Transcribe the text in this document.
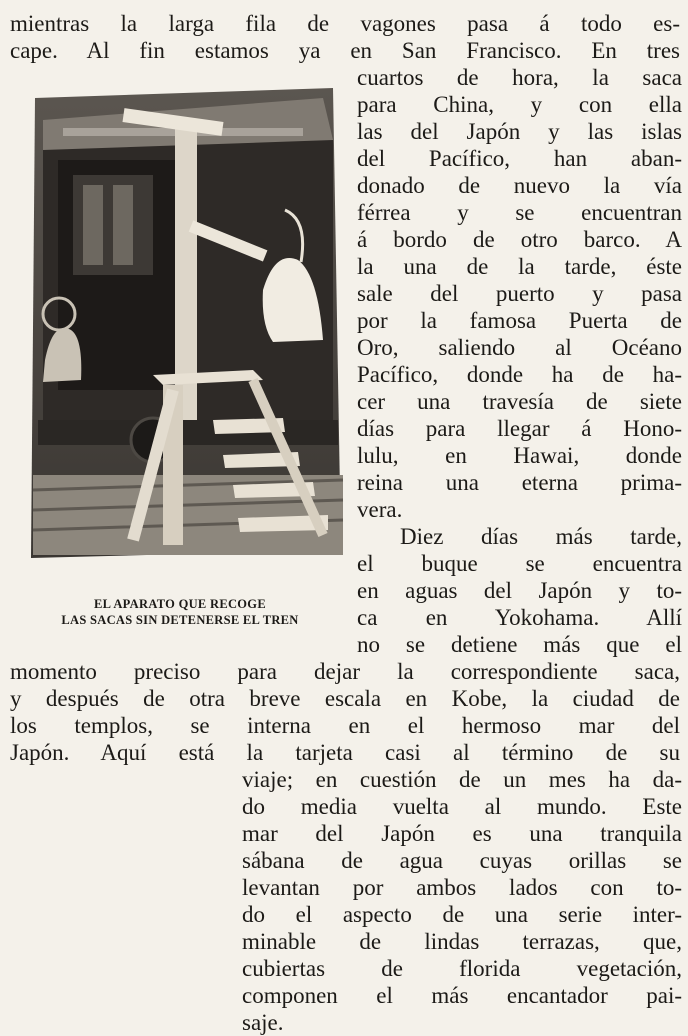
mientras la larga fila de vagones pasa á todo es-
cape. Al fin estamos ya en San Francisco. En tres
cuartos de hora, la saca
para China, y con ella
las del Japón y las islas
del Pacífico, han aban-
donado de nuevo la vía
férrea y se encuentran
á bordo de otro barco. A
la una de la tarde, éste
sale del puerto y pasa
por la famosa Puerta de
Oro, saliendo al Océano
Pacífico, donde ha de ha-
cer una travesía de siete
días para llegar á Hono-
lulu, en Hawai, donde
reina una eterna prima-
vera.
Diez días más tarde,
el buque se encuentra
en aguas del Japón y to-
ca en Yokohama. Allí
no se detiene más que el
EL APARATO QUE RECOGE
LAS SACAS SIN DETENERSE EL TREN
momento preciso para dejar la correspondiente saca,
y después de otra breve escala en Kobe, la ciudad de
los templos, se interna en el hermoso mar del
Japón. Aquí está la tarjeta casi al término de su
viaje; en cuestión de un mes ha da-
do media vuelta al mundo. Este
mar del Japón es una tranquila
sábana de agua cuyas orillas se
levantan por ambos lados con to-
do el aspecto de una serie inter-
minable de lindas terrazas, que,
cubiertas de florida vegetación,
componen el más encantador pai-
saje.
